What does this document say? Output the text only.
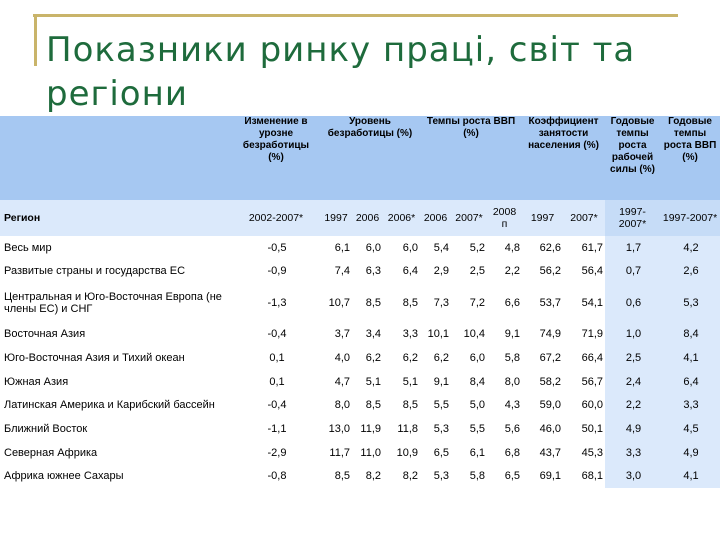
Показники ринку праці, світ та регіони
	Изменение в урозне безработицы (%)	Уровень безработицы (%)			Темпы роста ВВП (%)			Коэффициент занятости населения (%)		Годовые темпы роста рабочей силы (%)	Годовые темпы роста ВВП (%)
Регион	2002-2007*	1997	2006	2006*	2006	2007*	2008 п	1997	2007*	1997-2007*	1997-2007*
Весь мир	-0,5	6,1	6,0	6,0	5,4	5,2	4,8	62,6	61,7	1,7	4,2
Развитые страны и государства ЕС	-0,9	7,4	6,3	6,4	2,9	2,5	2,2	56,2	56,4	0,7	2,6
Центральная и Юго-Восточная Европа (не члены ЕС) и СНГ	-1,3	10,7	8,5	8,5	7,3	7,2	6,6	53,7	54,1	0,6	5,3
Восточная Азия	-0,4	3,7	3,4	3,3	10,1	10,4	9,1	74,9	71,9	1,0	8,4
Юго-Восточная Азия и Тихий океан	0,1	4,0	6,2	6,2	6,2	6,0	5,8	67,2	66,4	2,5	4,1
Южная Азия	0,1	4,7	5,1	5,1	9,1	8,4	8,0	58,2	56,7	2,4	6,4
Латинская Америка и Карибский бассейн	-0,4	8,0	8,5	8,5	5,5	5,0	4,3	59,0	60,0	2,2	3,3
Ближний Восток	-1,1	13,0	11,9	11,8	5,3	5,5	5,6	46,0	50,1	4,9	4,5
Северная Африка	-2,9	11,7	11,0	10,9	6,5	6,1	6,8	43,7	45,3	3,3	4,9
Африка южнее Сахары	-0,8	8,5	8,2	8,2	5,3	5,8	6,5	69,1	68,1	3,0	4,1
